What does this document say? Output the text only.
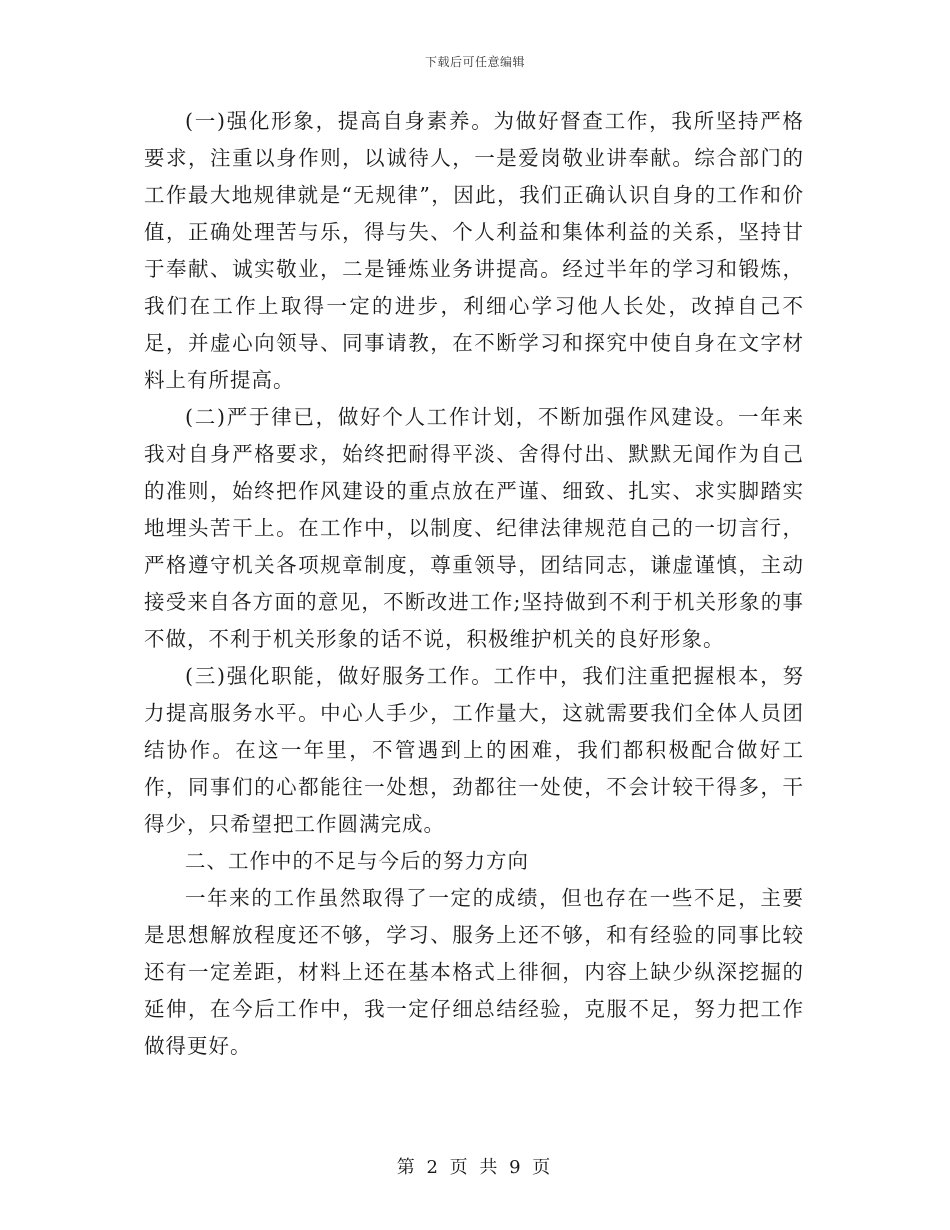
下载后可任意编辑

(一)强化形象，提高自身素养。为做好督查工作，我所坚持严格要求，注重以身作则，以诚待人，一是爱岗敬业讲奉献。综合部门的工作最大地规律就是“无规律”，因此，我们正确认识自身的工作和价值，正确处理苦与乐，得与失、个人利益和集体利益的关系，坚持甘于奉献、诚实敬业，二是锤炼业务讲提高。经过半年的学习和锻炼，我们在工作上取得一定的进步，利细心学习他人长处，改掉自己不足，并虚心向领导、同事请教，在不断学习和探究中使自身在文字材料上有所提高。

(二)严于律已，做好个人工作计划，不断加强作风建设。一年来我对自身严格要求，始终把耐得平淡、舍得付出、默默无闻作为自己的准则，始终把作风建设的重点放在严谨、细致、扎实、求实脚踏实地埋头苦干上。在工作中，以制度、纪律法律规范自己的一切言行，严格遵守机关各项规章制度，尊重领导，团结同志，谦虚谨慎，主动接受来自各方面的意见，不断改进工作;坚持做到不利于机关形象的事不做，不利于机关形象的话不说，积极维护机关的良好形象。

(三)强化职能，做好服务工作。工作中，我们注重把握根本，努力提高服务水平。中心人手少，工作量大，这就需要我们全体人员团结协作。在这一年里，不管遇到上的困难，我们都积极配合做好工作，同事们的心都能往一处想，劲都往一处使，不会计较干得多，干得少，只希望把工作圆满完成。

二、工作中的不足与今后的努力方向

一年来的工作虽然取得了一定的成绩，但也存在一些不足，主要是思想解放程度还不够，学习、服务上还不够，和有经验的同事比较还有一定差距，材料上还在基本格式上徘徊，内容上缺少纵深挖掘的延伸，在今后工作中，我一定仔细总结经验，克服不足，努力把工作做得更好。

第 2 页 共 9 页
